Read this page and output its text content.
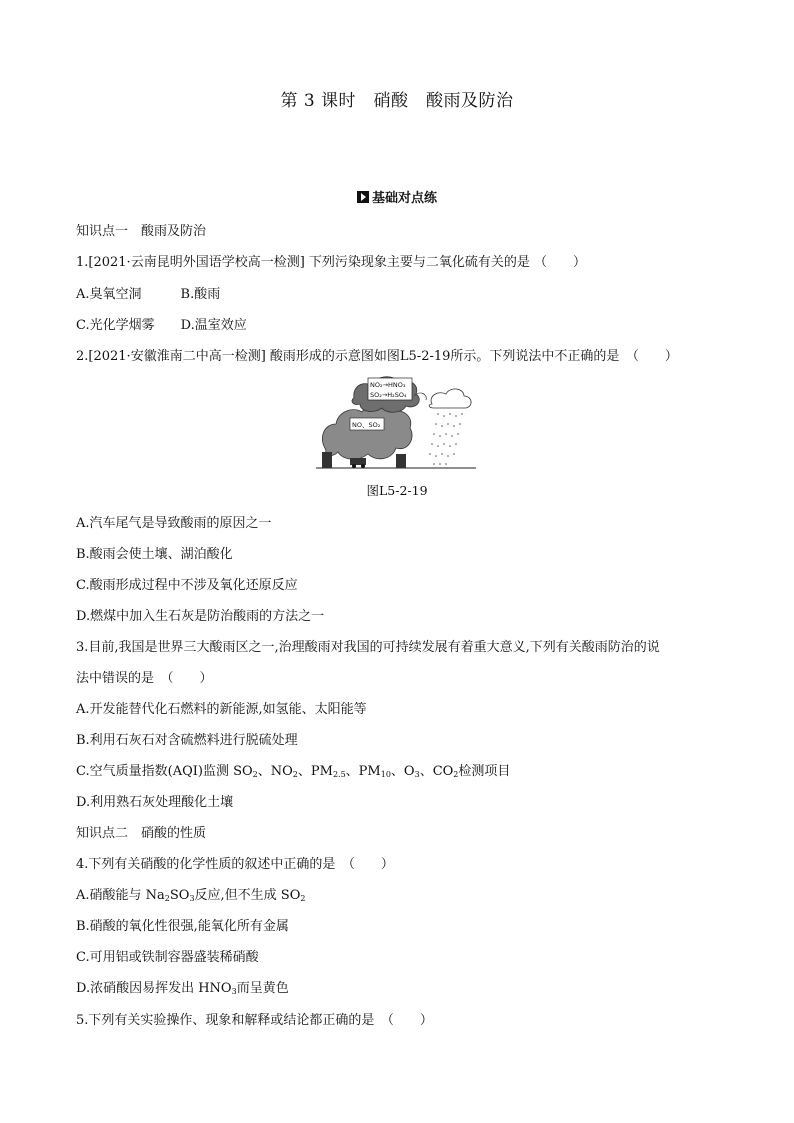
第 3 课时　硝酸　酸雨及防治
基础对点练
知识点一　酸雨及防治
1.[2021·云南昆明外国语学校高一检测] 下列污染现象主要与二氧化硫有关的是 （　　）
A.臭氧空洞　　　B.酸雨
C.光化学烟雾　　D.温室效应
2.[2021·安徽淮南二中高一检测] 酸雨形成的示意图如图L5-2-19所示。下列说法中不正确的是　（　　）
NO₂→HNO₃
SO₂→H₂SO₄
NO、SO₂
图L5-2-19
A.汽车尾气是导致酸雨的原因之一
B.酸雨会使土壤、湖泊酸化
C.酸雨形成过程中不涉及氧化还原反应
D.燃煤中加入生石灰是防治酸雨的方法之一
3.目前,我国是世界三大酸雨区之一,治理酸雨对我国的可持续发展有着重大意义,下列有关酸雨防治的说
法中错误的是　（　　）
A.开发能替代化石燃料的新能源,如氢能、太阳能等
B.利用石灰石对含硫燃料进行脱硫处理
C.空气质量指数(AQI)监测 $SO_2$、$NO_2$、$PM_{2.5}$、$PM_{10}$、$O_3$、$CO_2$检测项目
D.利用熟石灰处理酸化土壤
知识点二　硝酸的性质
4.下列有关硝酸的化学性质的叙述中正确的是　（　　）
A.硝酸能与 $Na_2SO_3$反应,但不生成 $SO_2$
B.硝酸的氧化性很强,能氧化所有金属
C.可用铝或铁制容器盛装稀硝酸
D.浓硝酸因易挥发出 $HNO_3$而呈黄色
5.下列有关实验操作、现象和解释或结论都正确的是　（　　）
